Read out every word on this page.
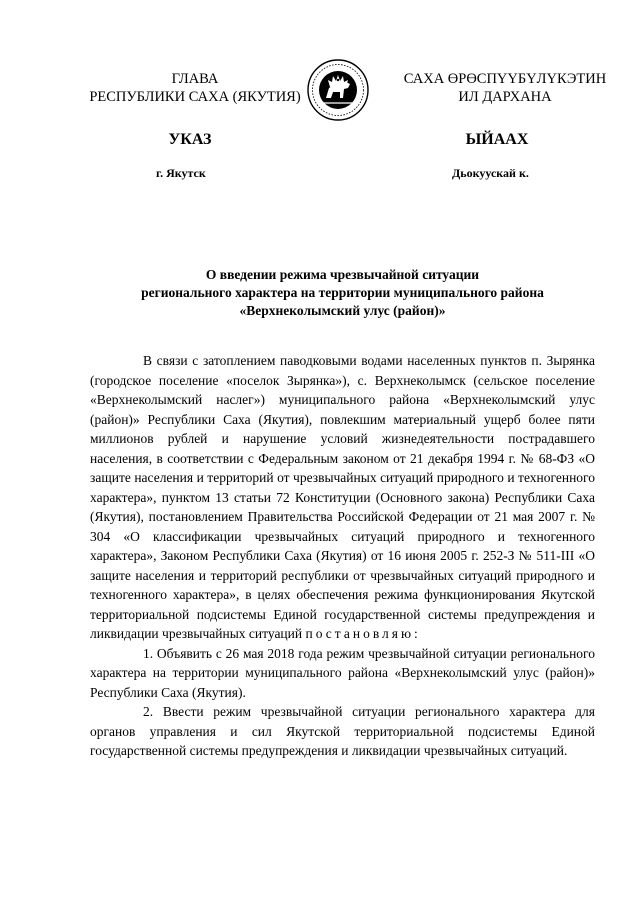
ГЛАВА
РЕСПУБЛИКИ САХА (ЯКУТИЯ)
САХА ӨРӨСПҮҮБҮЛҮКЭТИН
ИЛ ДАРХАНА
УКАЗ	ЫЙААХ
г. Якутск	Дьокуускай к.
О введении режима чрезвычайной ситуации
регионального характера на территории муниципального района
«Верхнеколымский улус (район)»

В связи с затоплением паводковыми водами населенных пунктов п. Зырянка (городское поселение «поселок Зырянка»), с. Верхнеколымск (сельское поселение «Верхнеколымский наслег») муниципального района «Верхнеколымский улус (район)» Республики Саха (Якутия), повлекшим материальный ущерб более пяти миллионов рублей и нарушение условий жизнедеятельности пострадавшего населения, в соответствии с Федеральным законом от 21 декабря 1994 г. № 68-ФЗ «О защите населения и территорий от чрезвычайных ситуаций природного и техногенного характера», пунктом 13 статьи 72 Конституции (Основного закона) Республики Саха (Якутия), постановлением Правительства Российской Федерации от 21 мая 2007 г. № 304 «О классификации чрезвычайных ситуаций природного и техногенного характера», Законом Республики Саха (Якутия) от 16 июня 2005 г. 252-З № 511-III «О защите населения и территорий республики от чрезвычайных ситуаций природного и техногенного характера», в целях обеспечения режима функционирования Якутской территориальной подсистемы Единой государственной системы предупреждения и ликвидации чрезвычайных ситуаций постановляю:

1. Объявить с 26 мая 2018 года режим чрезвычайной ситуации регионального характера на территории муниципального района «Верхнеколымский улус (район)» Республики Саха (Якутия).

2. Ввести режим чрезвычайной ситуации регионального характера для органов управления и сил Якутской территориальной подсистемы Единой государственной системы предупреждения и ликвидации чрезвычайных ситуаций.
